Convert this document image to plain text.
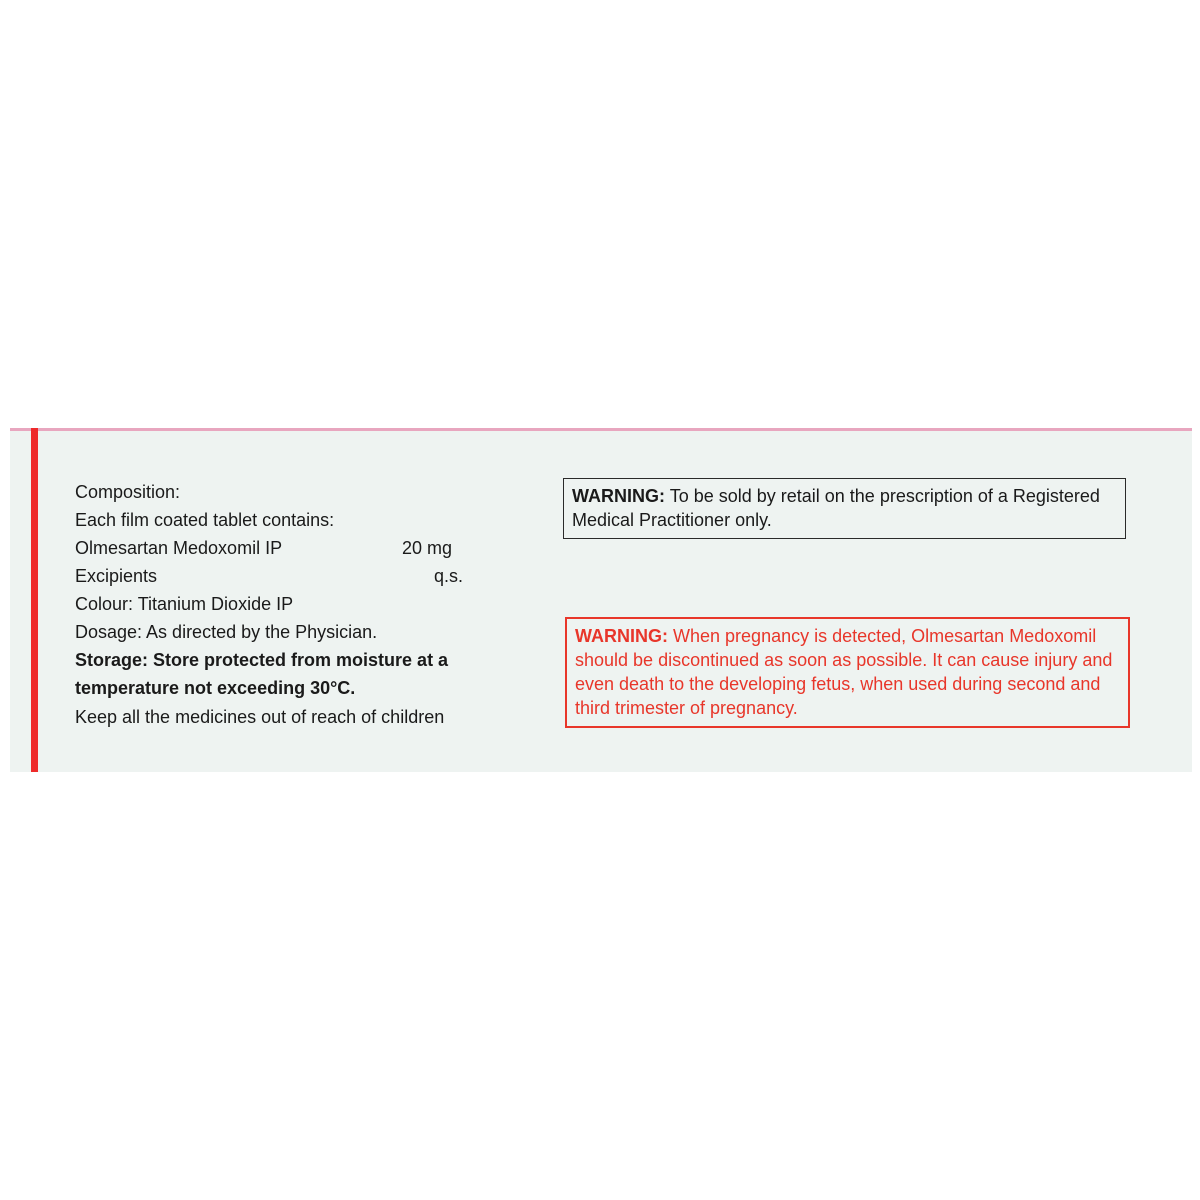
Composition:
Each film coated tablet contains:
Olmesartan Medoxomil IP	20 mg
Excipients	q.s.
Colour: Titanium Dioxide IP
Dosage: As directed by the Physician.
Storage: Store protected from moisture at a temperature not exceeding 30°C.
Keep all the medicines out of reach of children
WARNING: To be sold by retail on the prescription of a Registered Medical Practitioner only.
WARNING: When pregnancy is detected, Olmesartan Medoxomil should be discontinued as soon as possible. It can cause injury and even death to the developing fetus, when used during second and third trimester of pregnancy.
